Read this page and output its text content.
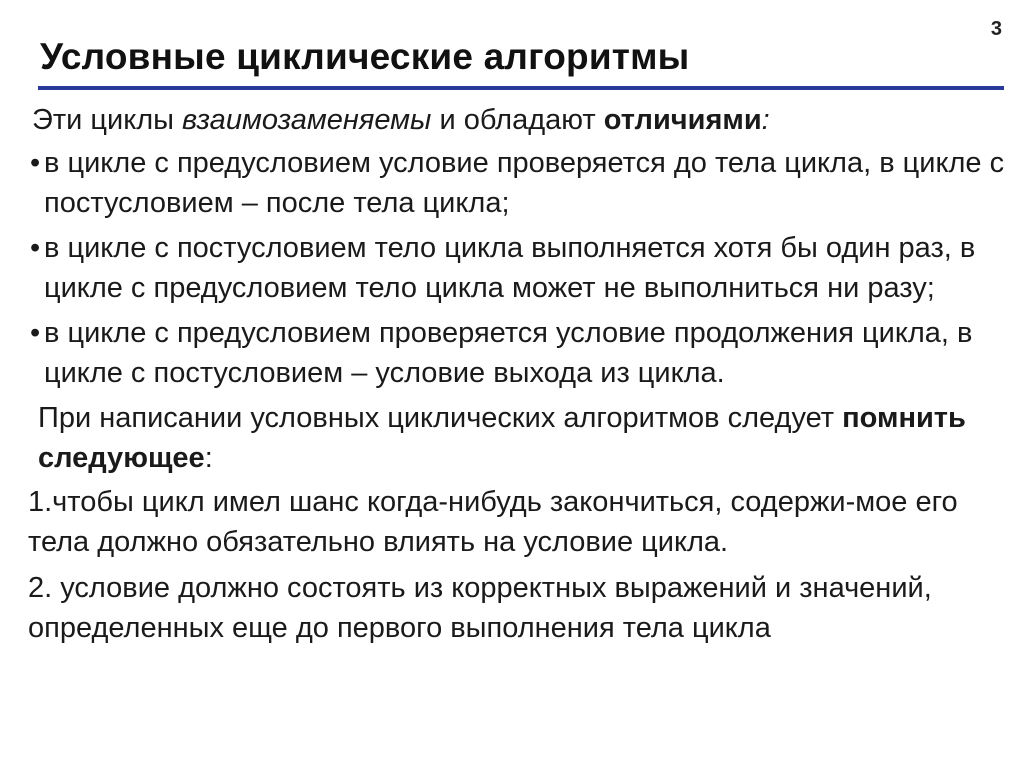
3
Условные циклические алгоритмы

Эти циклы взаимозаменяемы и обладают отличиями:

• в цикле с предусловием условие проверяется до тела цикла, в цикле с постусловием – после тела цикла;

• в цикле с постусловием тело цикла выполняется хотя бы один раз, в цикле с предусловием тело цикла может не выполниться ни разу;

• в цикле с предусловием проверяется условие продолжения цикла, в цикле с постусловием – условие выхода из цикла.

При написании условных циклических алгоритмов следует помнить следующее:

1.чтобы цикл имел шанс когда-нибудь закончиться, содержи-мое его тела должно обязательно влиять на условие цикла.

2. условие должно состоять из корректных выражений и значений, определенных еще до первого выполнения тела цикла
